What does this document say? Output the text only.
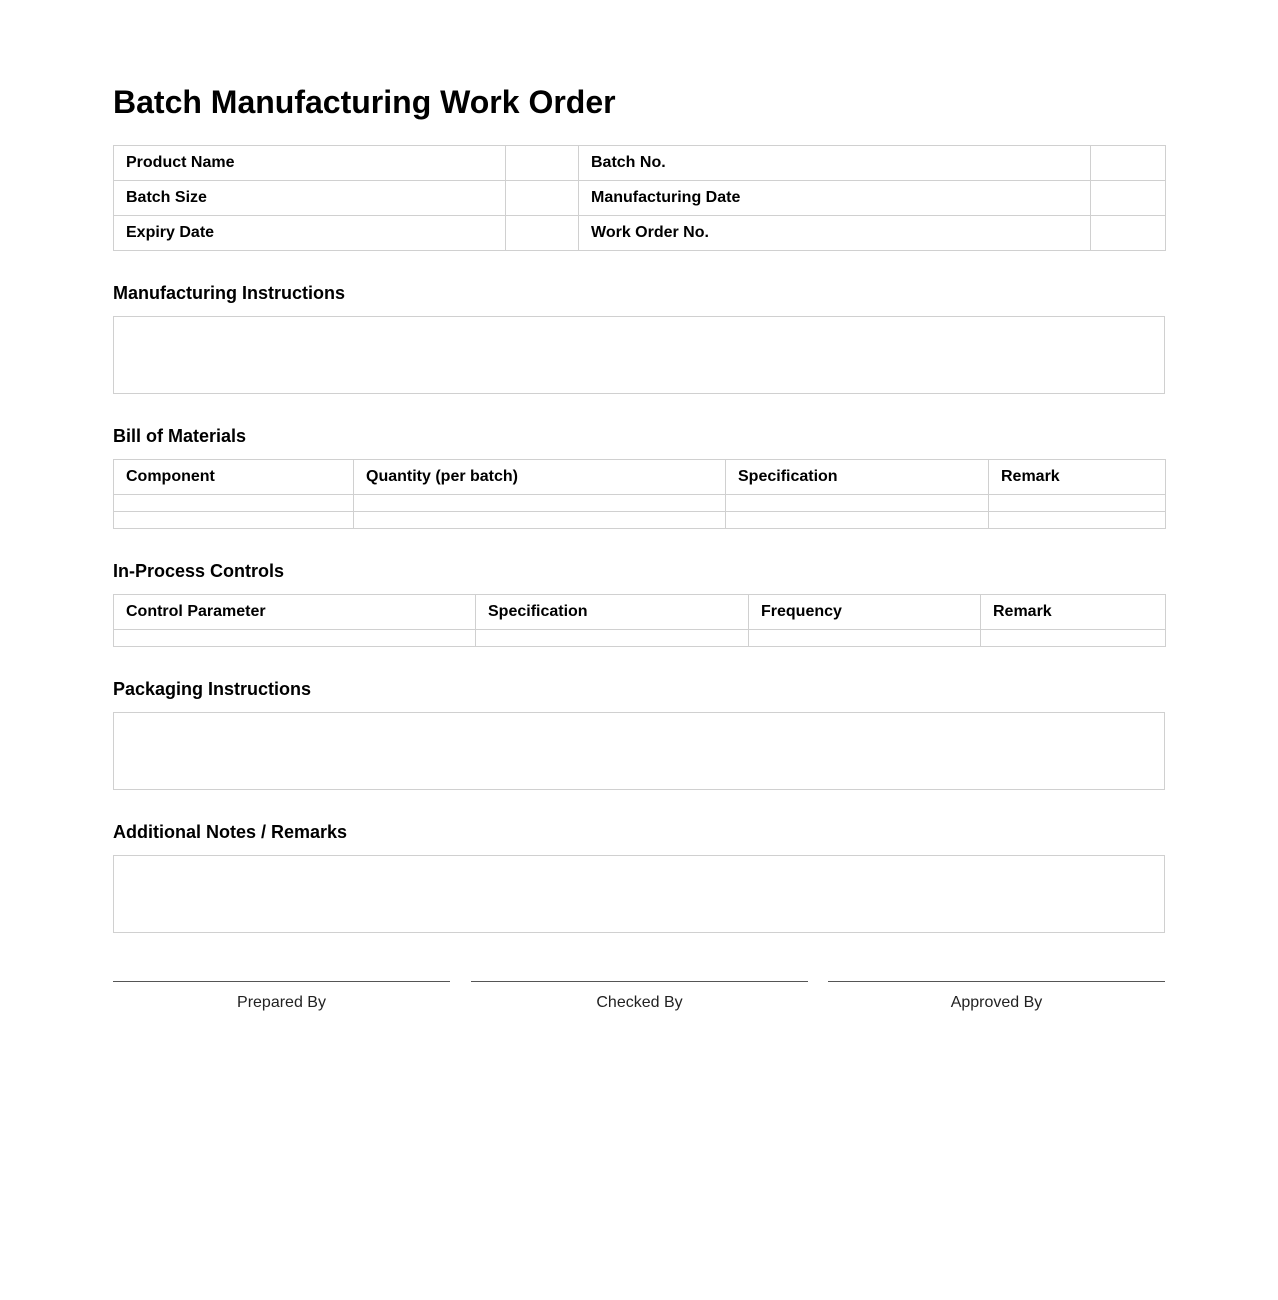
Batch Manufacturing Work Order
Product Name		Batch No.	
Batch Size		Manufacturing Date	
Expiry Date		Work Order No.	
Manufacturing Instructions
Bill of Materials
Component	Quantity (per batch)	Specification	Remark

In-Process Controls
Control Parameter	Specification	Frequency	Remark

Packaging Instructions
Additional Notes / Remarks
Prepared By	Checked By	Approved By
